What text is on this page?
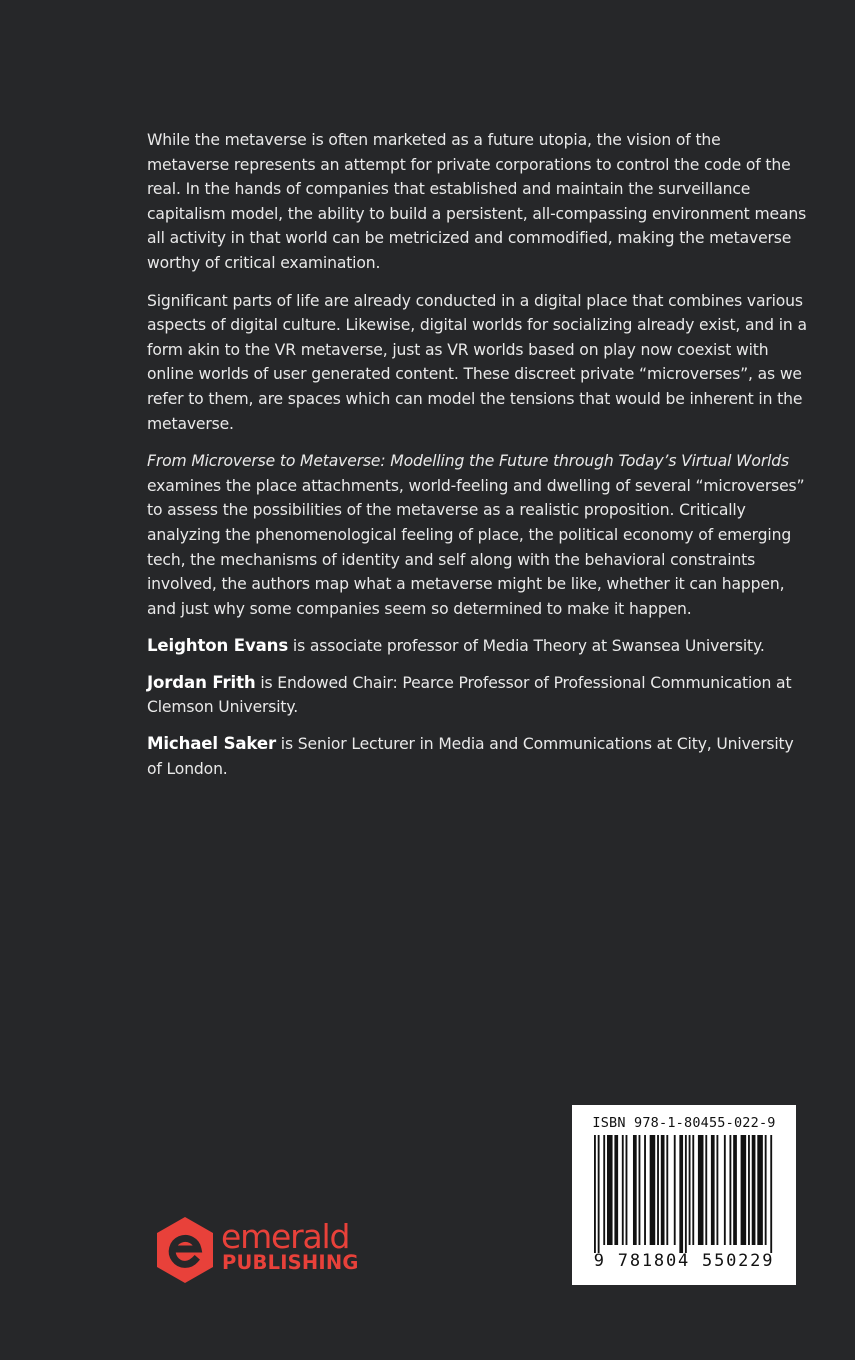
While the metaverse is often marketed as a future utopia, the vision of the metaverse represents an attempt for private corporations to control the code of the real. In the hands of companies that established and maintain the surveillance capitalism model, the ability to build a persistent, all-compassing environment means all activity in that world can be metricized and commodified, making the metaverse worthy of critical examination.

Significant parts of life are already conducted in a digital place that combines various aspects of digital culture. Likewise, digital worlds for socializing already exist, and in a form akin to the VR metaverse, just as VR worlds based on play now coexist with online worlds of user generated content. These discreet private “microverses”, as we refer to them, are spaces which can model the tensions that would be inherent in the metaverse.

From Microverse to Metaverse: Modelling the Future through Today’s Virtual Worlds examines the place attachments, world-feeling and dwelling of several “microverses” to assess the possibilities of the metaverse as a realistic proposition. Critically analyzing the phenomenological feeling of place, the political economy of emerging tech, the mechanisms of identity and self along with the behavioral constraints involved, the authors map what a metaverse might be like, whether it can happen, and just why some companies seem so determined to make it happen.

Leighton Evans is associate professor of Media Theory at Swansea University.

Jordan Frith is Endowed Chair: Pearce Professor of Professional Communication at Clemson University.

Michael Saker is Senior Lecturer in Media and Communications at City, University of London.

ISBN 978-1-80455-022-9
9 781804 550229
emerald
PUBLISHING
